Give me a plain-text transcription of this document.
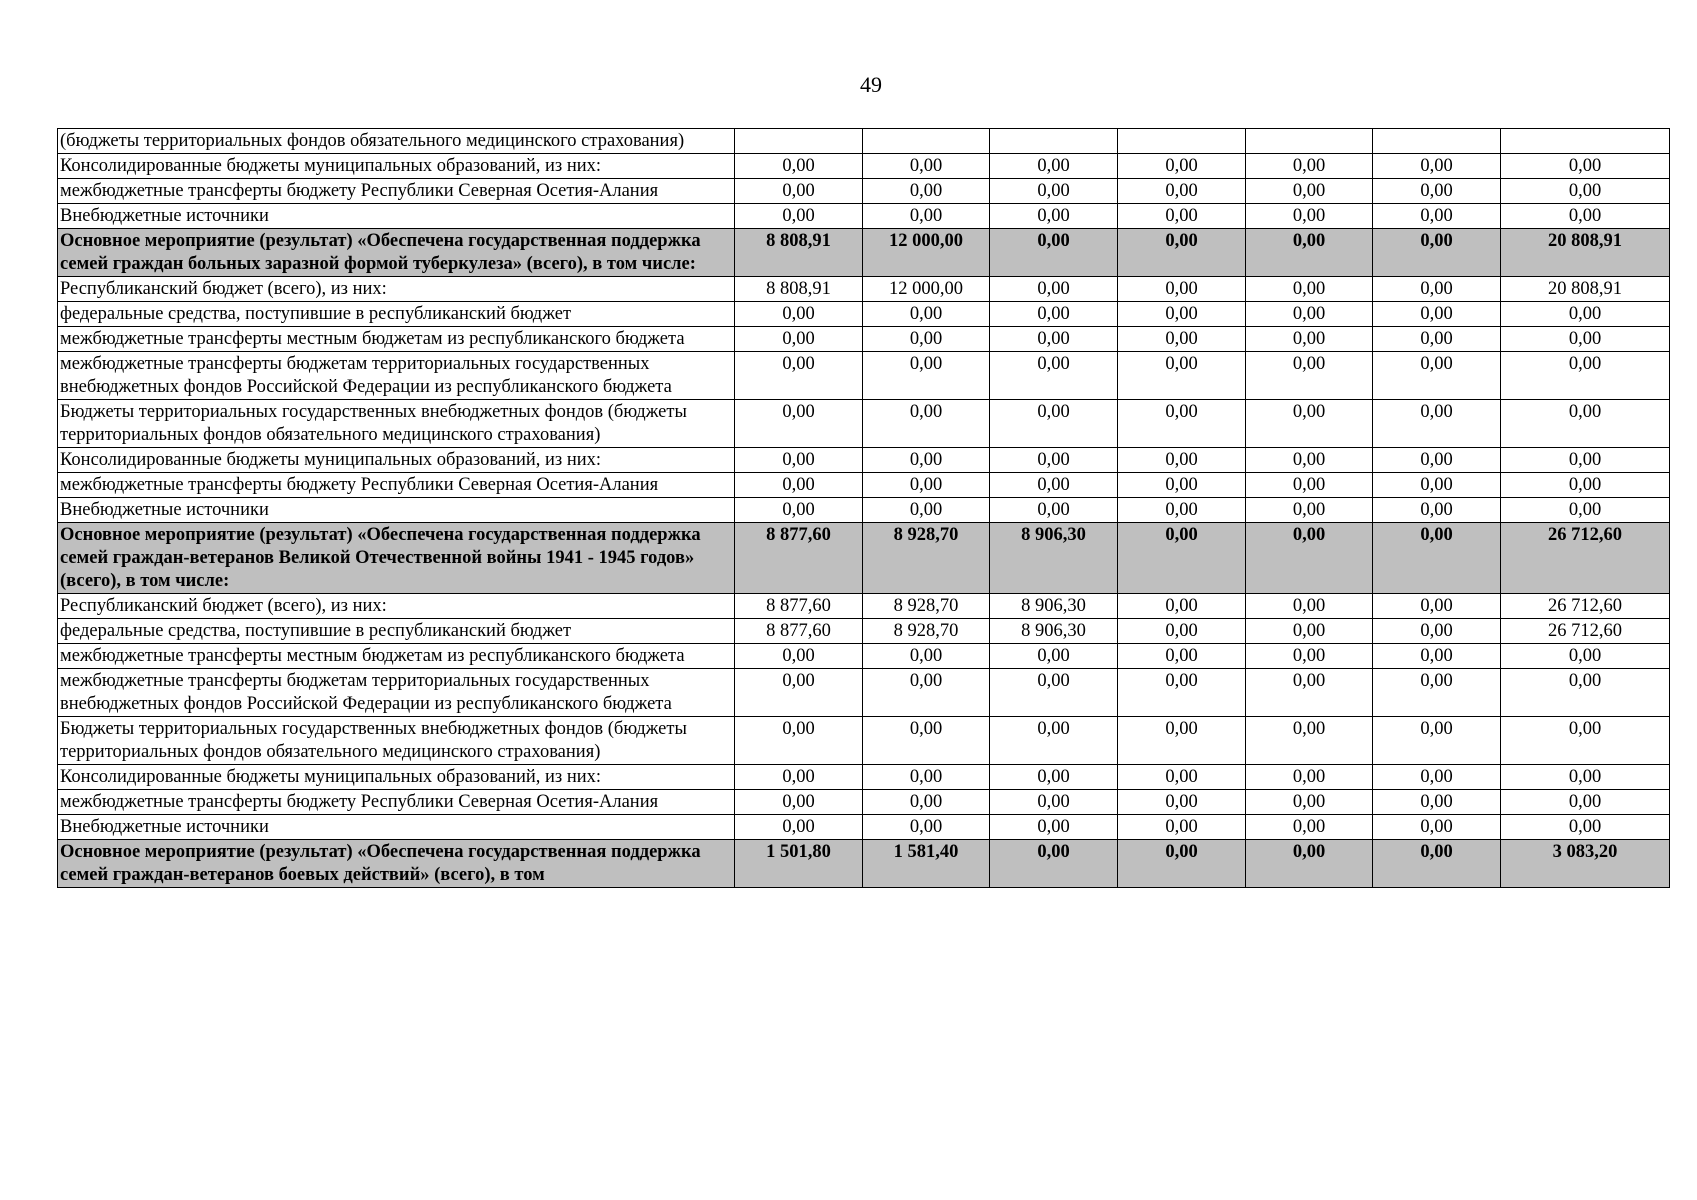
49
(бюджеты территориальных фондов обязательного медицинского страхования)							
Консолидированные бюджеты муниципальных образований, из них:	0,00	0,00	0,00	0,00	0,00	0,00	0,00
межбюджетные трансферты бюджету Республики Северная Осетия-Алания	0,00	0,00	0,00	0,00	0,00	0,00	0,00
Внебюджетные источники	0,00	0,00	0,00	0,00	0,00	0,00	0,00
Основное мероприятие (результат) «Обеспечена государственная поддержка семей граждан больных заразной формой туберкулеза» (всего), в том числе:	8 808,91	12 000,00	0,00	0,00	0,00	0,00	20 808,91
Республиканский бюджет (всего), из них:	8 808,91	12 000,00	0,00	0,00	0,00	0,00	20 808,91
федеральные средства, поступившие в республиканский бюджет	0,00	0,00	0,00	0,00	0,00	0,00	0,00
межбюджетные трансферты местным бюджетам из республиканского бюджета	0,00	0,00	0,00	0,00	0,00	0,00	0,00
межбюджетные трансферты бюджетам территориальных государственных внебюджетных фондов Российской Федерации из республиканского бюджета	0,00	0,00	0,00	0,00	0,00	0,00	0,00
Бюджеты территориальных государственных внебюджетных фондов (бюджеты территориальных фондов обязательного медицинского страхования)	0,00	0,00	0,00	0,00	0,00	0,00	0,00
Консолидированные бюджеты муниципальных образований, из них:	0,00	0,00	0,00	0,00	0,00	0,00	0,00
межбюджетные трансферты бюджету Республики Северная Осетия-Алания	0,00	0,00	0,00	0,00	0,00	0,00	0,00
Внебюджетные источники	0,00	0,00	0,00	0,00	0,00	0,00	0,00
Основное мероприятие (результат) «Обеспечена государственная поддержка семей граждан-ветеранов Великой Отечественной войны 1941 - 1945 годов» (всего), в том числе:	8 877,60	8 928,70	8 906,30	0,00	0,00	0,00	26 712,60
Республиканский бюджет (всего), из них:	8 877,60	8 928,70	8 906,30	0,00	0,00	0,00	26 712,60
федеральные средства, поступившие в республиканский бюджет	8 877,60	8 928,70	8 906,30	0,00	0,00	0,00	26 712,60
межбюджетные трансферты местным бюджетам из республиканского бюджета	0,00	0,00	0,00	0,00	0,00	0,00	0,00
межбюджетные трансферты бюджетам территориальных государственных внебюджетных фондов Российской Федерации из республиканского бюджета	0,00	0,00	0,00	0,00	0,00	0,00	0,00
Бюджеты территориальных государственных внебюджетных фондов (бюджеты территориальных фондов обязательного медицинского страхования)	0,00	0,00	0,00	0,00	0,00	0,00	0,00
Консолидированные бюджеты муниципальных образований, из них:	0,00	0,00	0,00	0,00	0,00	0,00	0,00
межбюджетные трансферты бюджету Республики Северная Осетия-Алания	0,00	0,00	0,00	0,00	0,00	0,00	0,00
Внебюджетные источники	0,00	0,00	0,00	0,00	0,00	0,00	0,00
Основное мероприятие (результат) «Обеспечена государственная поддержка семей граждан-ветеранов боевых действий» (всего), в том	1 501,80	1 581,40	0,00	0,00	0,00	0,00	3 083,20
